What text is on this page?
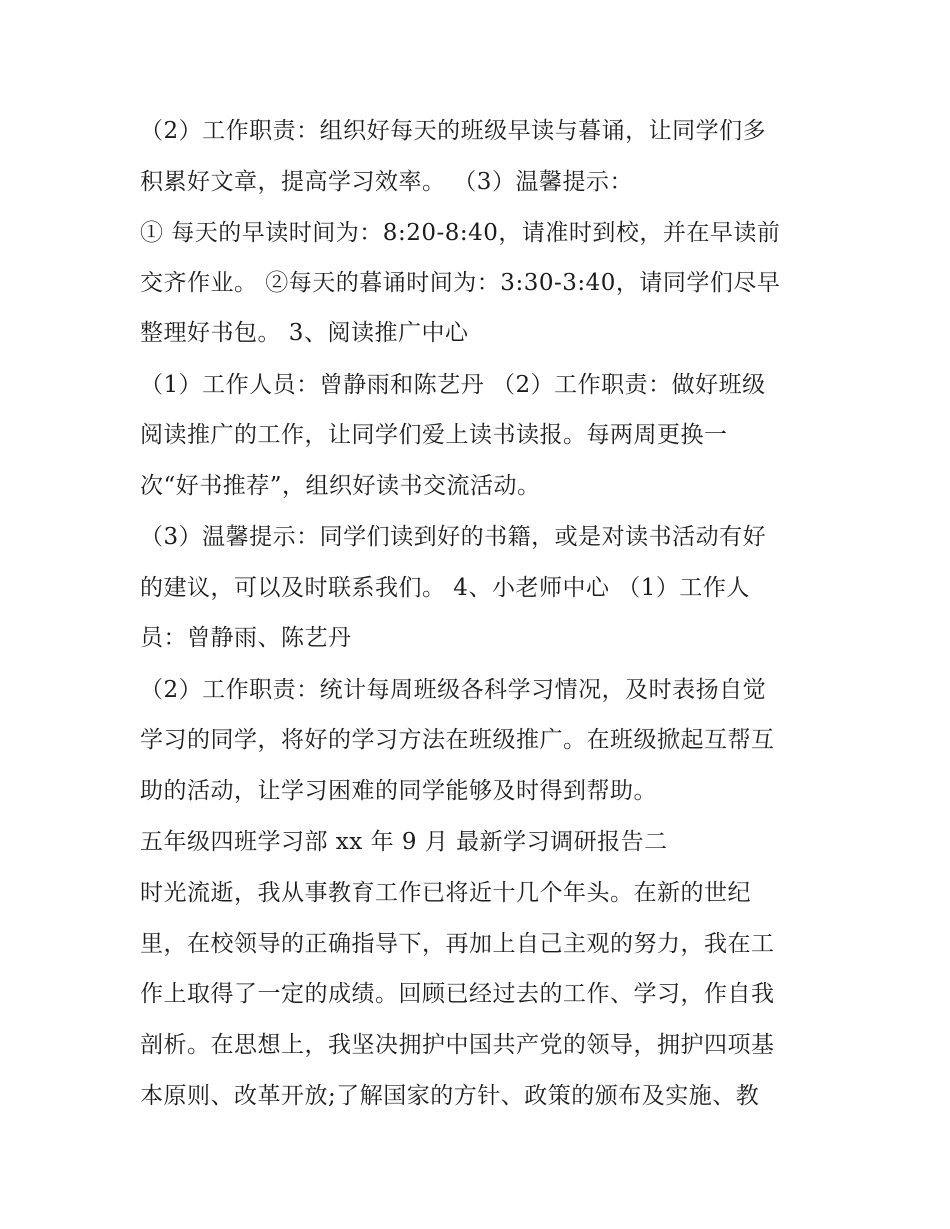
（2）工作职责：组织好每天的班级早读与暮诵，让同学们多
积累好文章，提高学习效率。 （3）温馨提示：
① 每天的早读时间为：8:20-8:40，请准时到校，并在早读前
交齐作业。 ②每天的暮诵时间为：3:30-3:40，请同学们尽早
整理好书包。 3、阅读推广中心
（1）工作人员：曾静雨和陈艺丹 （2）工作职责：做好班级
阅读推广的工作，让同学们爱上读书读报。每两周更换一
次“好书推荐”，组织好读书交流活动。
（3）温馨提示：同学们读到好的书籍，或是对读书活动有好
的建议，可以及时联系我们。 4、小老师中心 （1）工作人
员：曾静雨、陈艺丹
（2）工作职责：统计每周班级各科学习情况，及时表扬自觉
学习的同学，将好的学习方法在班级推广。在班级掀起互帮互
助的活动，让学习困难的同学能够及时得到帮助。
五年级四班学习部 xx 年 9 月 最新学习调研报告二
时光流逝，我从事教育工作已将近十几个年头。在新的世纪
里，在校领导的正确指导下，再加上自己主观的努力，我在工
作上取得了一定的成绩。回顾已经过去的工作、学习，作自我
剖析。在思想上，我坚决拥护中国共产党的领导，拥护四项基
本原则、改革开放;了解国家的方针、政策的颁布及实施、教
